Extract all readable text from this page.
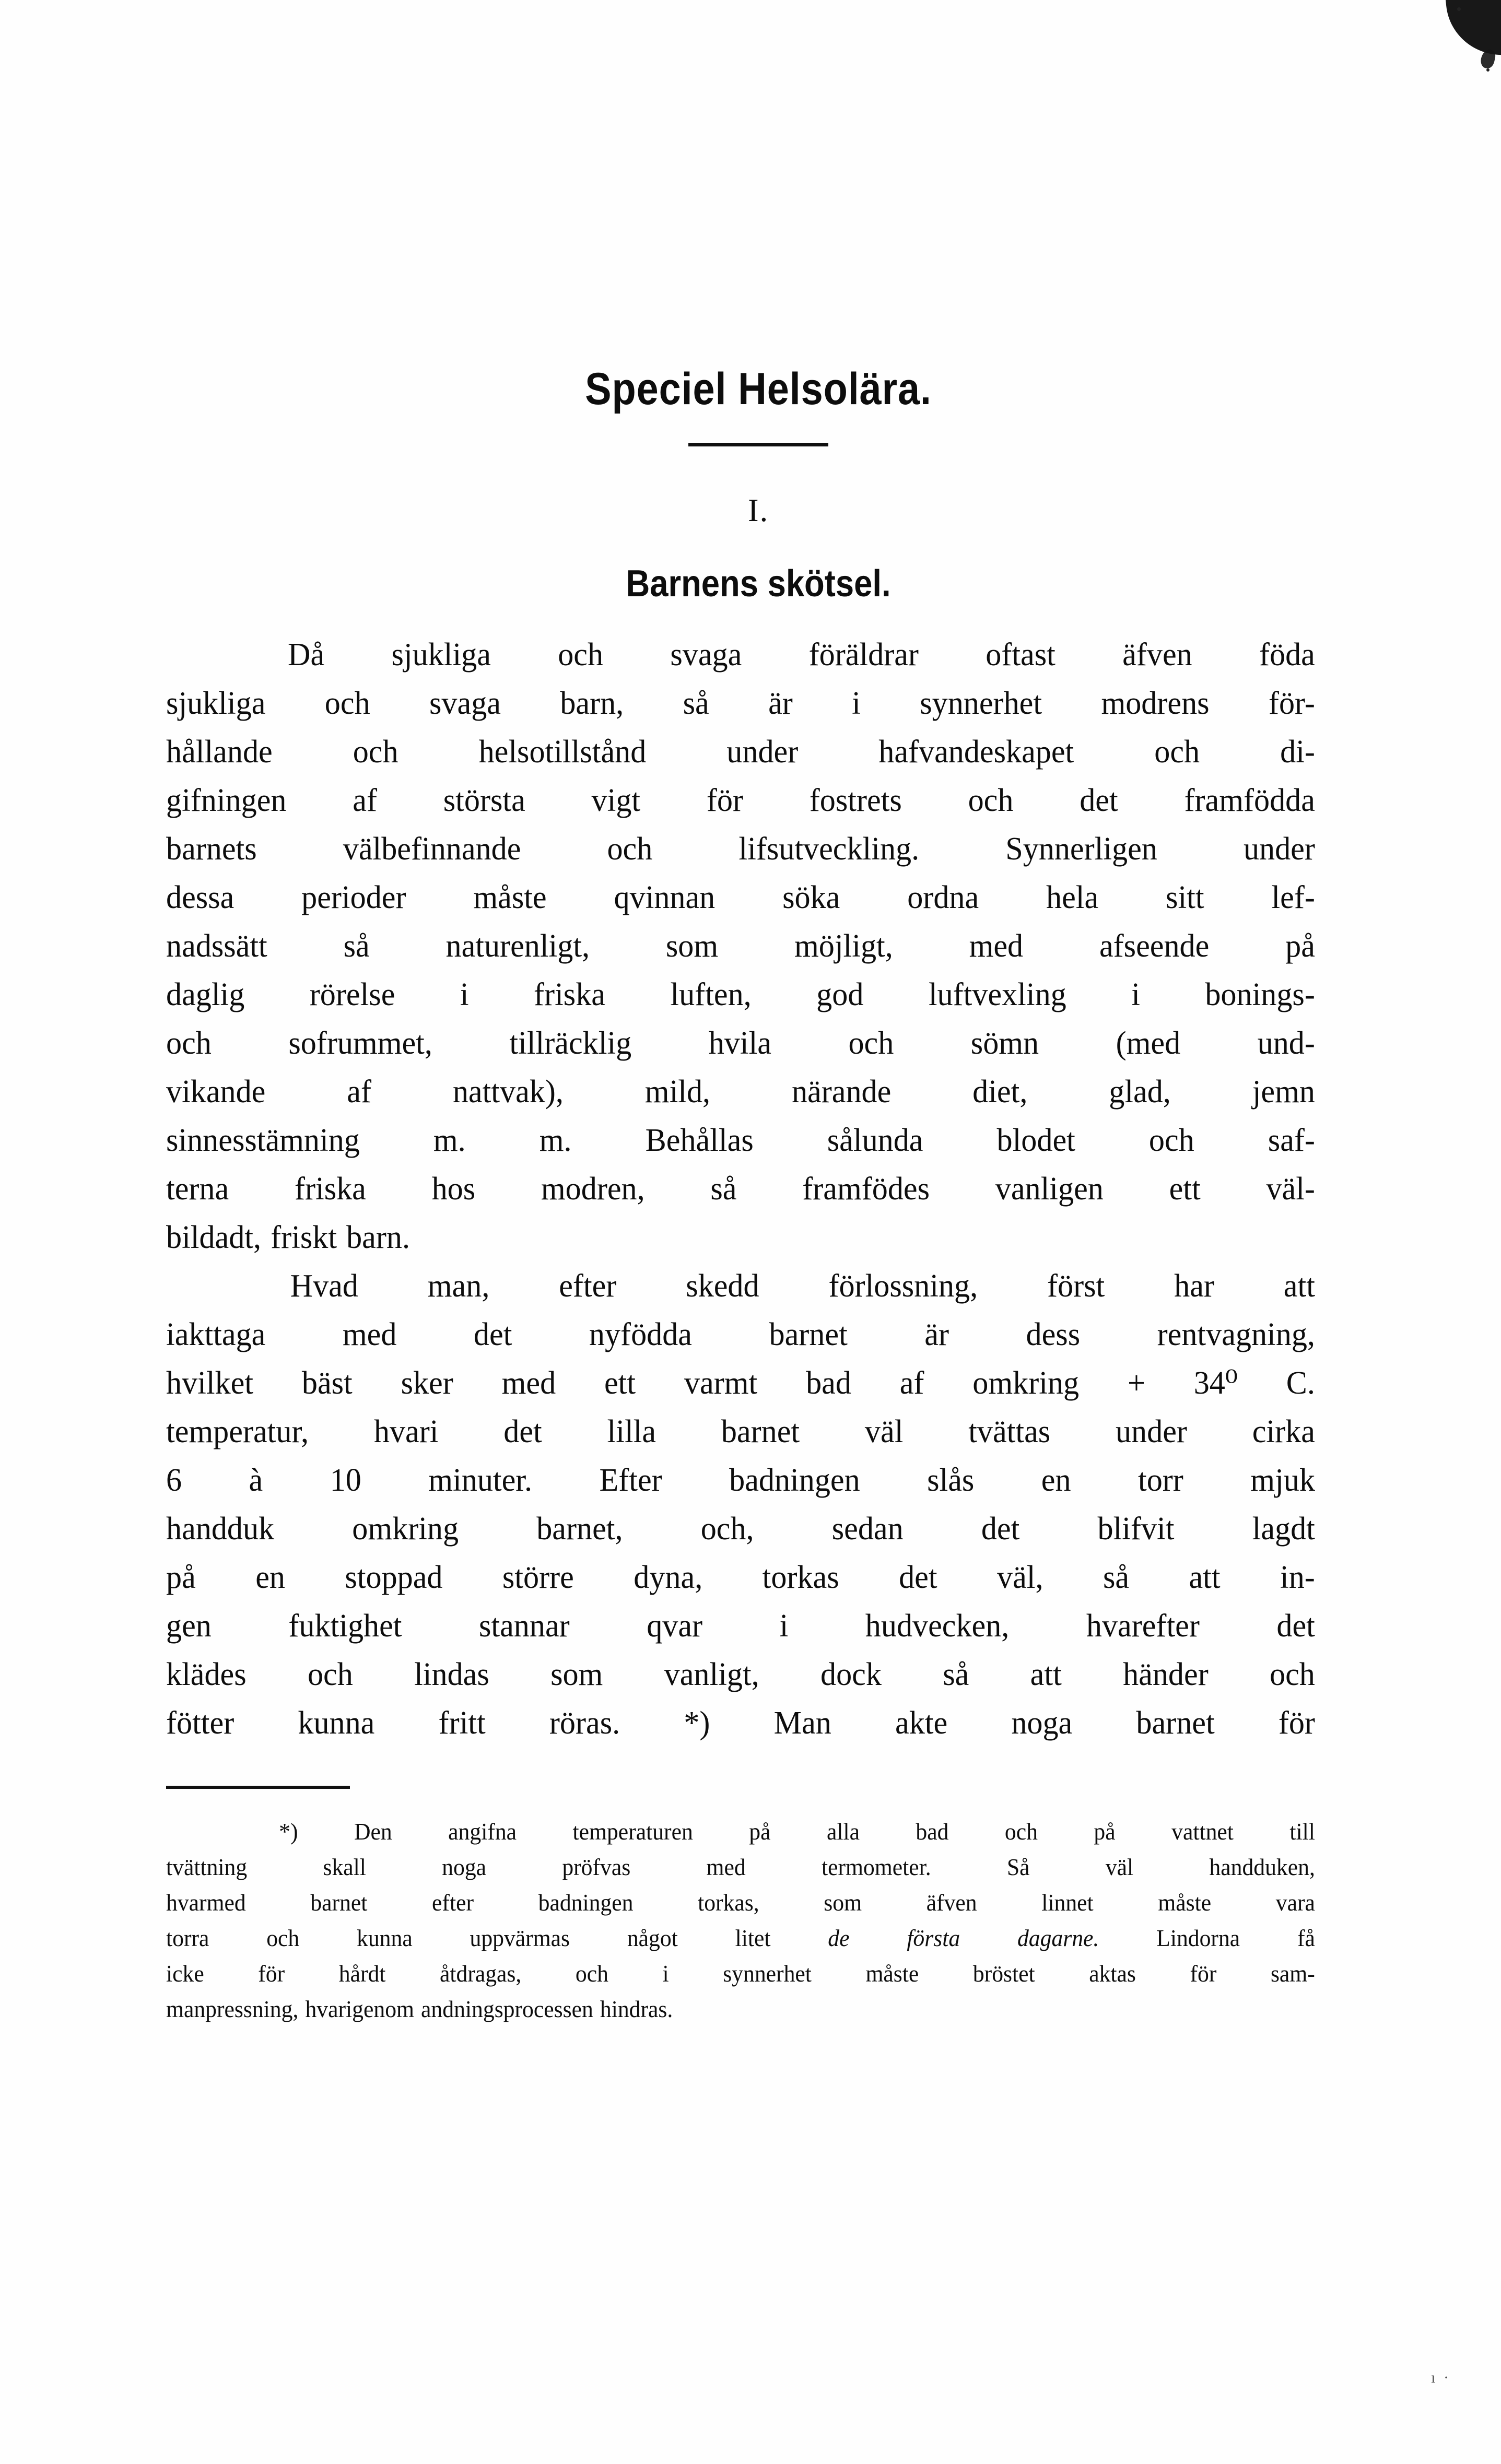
Speciel Helsolära.
I.
Barnens skötsel.
Då sjukliga och svaga föräldrar oftast äfven föda
sjukliga och svaga barn, så är i synnerhet modrens för-
hållande och helsotillstånd under hafvandeskapet och di-
gifningen af största vigt för fostrets och det framfödda
barnets	välbefinnande	och	lifsutveckling.	Synnerligen	under
dessa perioder måste qvinnan söka ordna hela sitt lef-
nadssätt så naturenligt, som möjligt, med afseende på
daglig rörelse i friska luften, god luftvexling i bonings-
och sofrummet, tillräcklig hvila och sömn (med und-
vikande	af	nattvak),	mild,	närande	diet,	glad,	jemn
sinnesstämning m. m. Behållas sålunda blodet och saf-
terna friska hos modren, så framfödes vanligen ett väl-
bildadt, friskt barn.
Hvad man, efter skedd förlossning, först har att
iakttaga med det nyfödda barnet är dess rentvagning,
hvilket bäst sker med ett varmt bad af omkring + 34⁰ C.
temperatur, hvari det lilla barnet väl tvättas under cirka
6 à 10 minuter. Efter badningen slås en torr mjuk
handduk omkring barnet, och, sedan det blifvit lagdt
på en stoppad större dyna, torkas det väl, så att in-
gen fuktighet stannar qvar i hudvecken, hvarefter det
klädes och lindas som vanligt, dock så att händer och
fötter kunna fritt röras. *) Man akte noga barnet för
*) Den angifna temperaturen på alla bad och på vattnet till
tvättning	skall	noga	pröfvas	med	termometer.	Så	väl	handduken,
hvarmed	barnet	efter	badningen	torkas,	som	äfven	linnet	måste	vara
torra och kunna uppvärmas något litet de första dagarne. Lindorna få
icke för hårdt åtdragas, och i synnerhet måste bröstet aktas för sam-
manpressning, hvarigenom andningsprocessen hindras.
ı ·
